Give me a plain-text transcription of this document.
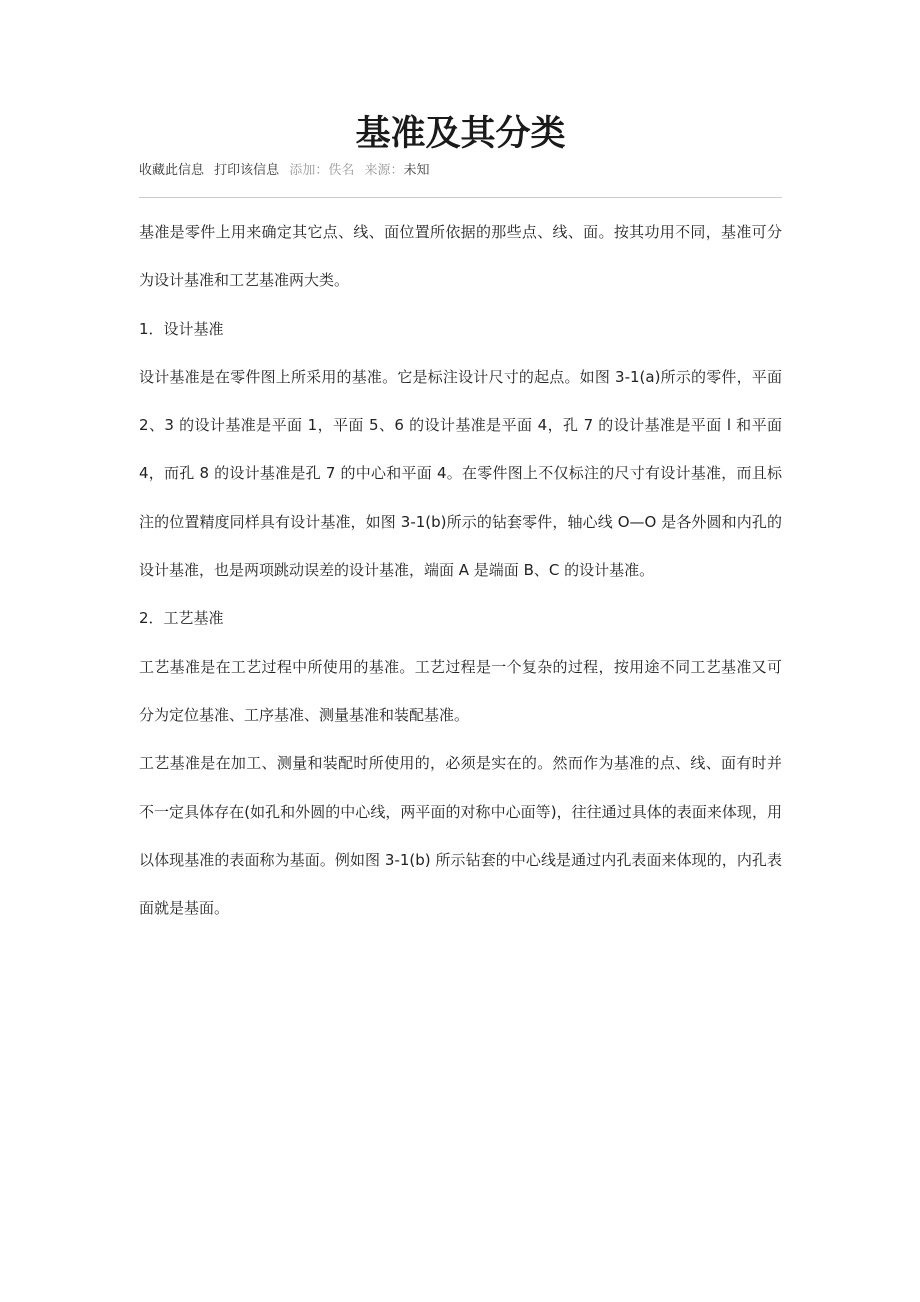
基准及其分类
收藏此信息 打印该信息 添加：佚名 来源：未知

基准是零件上用来确定其它点、线、面位置所依据的那些点、线、面。按其功用不同，基准可分为设计基准和工艺基准两大类。

1．设计基准

设计基准是在零件图上所采用的基准。它是标注设计尺寸的起点。如图 3-1(a)所示的零件，平面 2、3 的设计基准是平面 1，平面 5、6 的设计基准是平面 4，孔 7 的设计基准是平面 l 和平面 4，而孔 8 的设计基准是孔 7 的中心和平面 4。在零件图上不仅标注的尺寸有设计基准，而且标注的位置精度同样具有设计基准，如图 3-1(b)所示的钻套零件，轴心线 O—O 是各外圆和内孔的设计基准，也是两项跳动误差的设计基准，端面 A 是端面 B、C 的设计基准。

2．工艺基准

工艺基准是在工艺过程中所使用的基准。工艺过程是一个复杂的过程，按用途不同工艺基准又可分为定位基准、工序基准、测量基准和装配基准。

工艺基准是在加工、测量和装配时所使用的，必须是实在的。然而作为基准的点、线、面有时并不一定具体存在(如孔和外圆的中心线，两平面的对称中心面等)，往往通过具体的表面来体现，用以体现基准的表面称为基面。例如图 3-1(b) 所示钻套的中心线是通过内孔表面来体现的，内孔表面就是基面。
